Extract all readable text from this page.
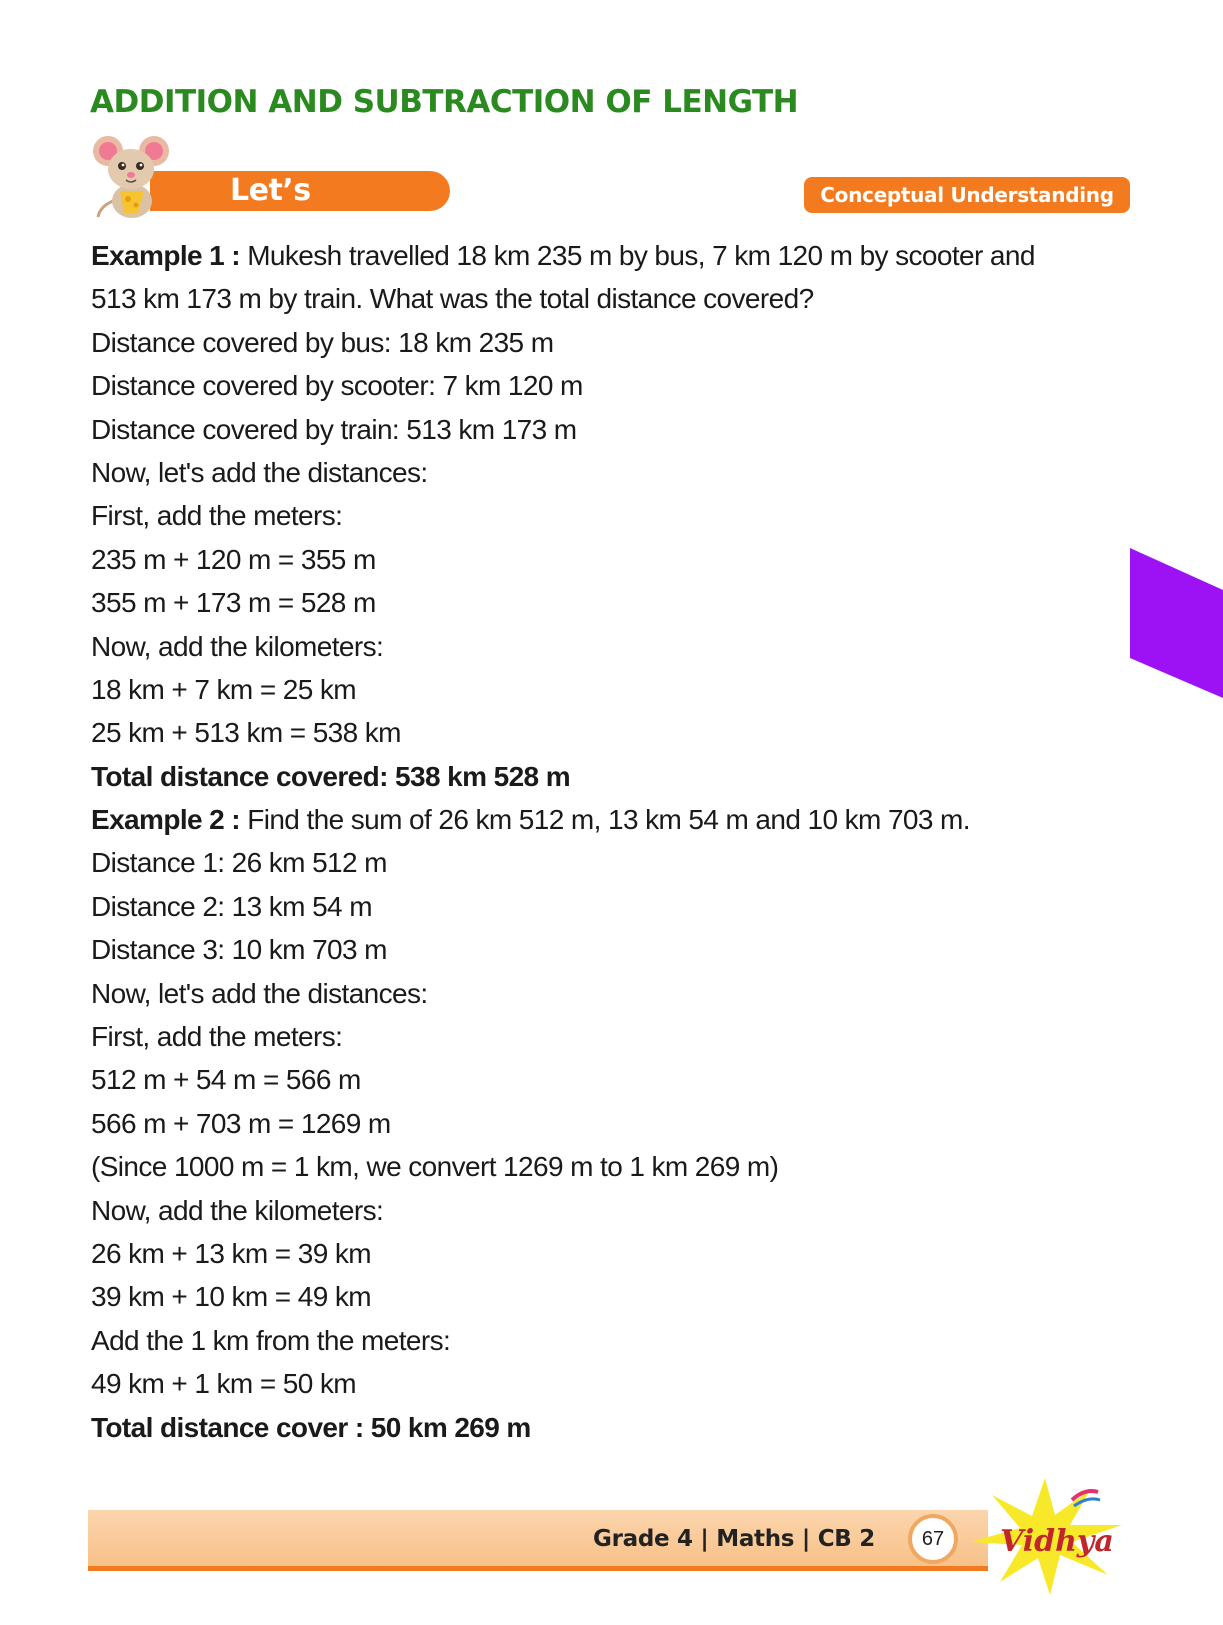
ADDITION AND SUBTRACTION OF LENGTH
Let’s Understand
Conceptual Understanding
Example 1 : Mukesh travelled 18 km 235 m by bus, 7 km 120 m by scooter and
513 km 173 m by train. What was the total distance covered?
Distance covered by bus: 18 km 235 m
Distance covered by scooter: 7 km 120 m
Distance covered by train: 513 km 173 m
Now, let's add the distances:
First, add the meters:
235 m + 120 m = 355 m
355 m + 173 m = 528 m
Now, add the kilometers:
18 km + 7 km = 25 km
25 km + 513 km = 538 km
Total distance covered: 538 km 528 m
Example 2 : Find the sum of 26 km 512 m, 13 km 54 m and 10 km 703 m.
Distance 1: 26 km 512 m
Distance 2: 13 km 54 m
Distance 3: 10 km 703 m
Now, let's add the distances:
First, add the meters:
512 m + 54 m = 566 m
566 m + 703 m = 1269 m
(Since 1000 m = 1 km, we convert 1269 m to 1 km 269 m)
Now, add the kilometers:
26 km + 13 km = 39 km
39 km + 10 km = 49 km
Add the 1 km from the meters:
49 km + 1 km = 50 km
Total distance cover : 50 km 269 m
Grade 4 | Maths | CB 2	67	Vidhya
